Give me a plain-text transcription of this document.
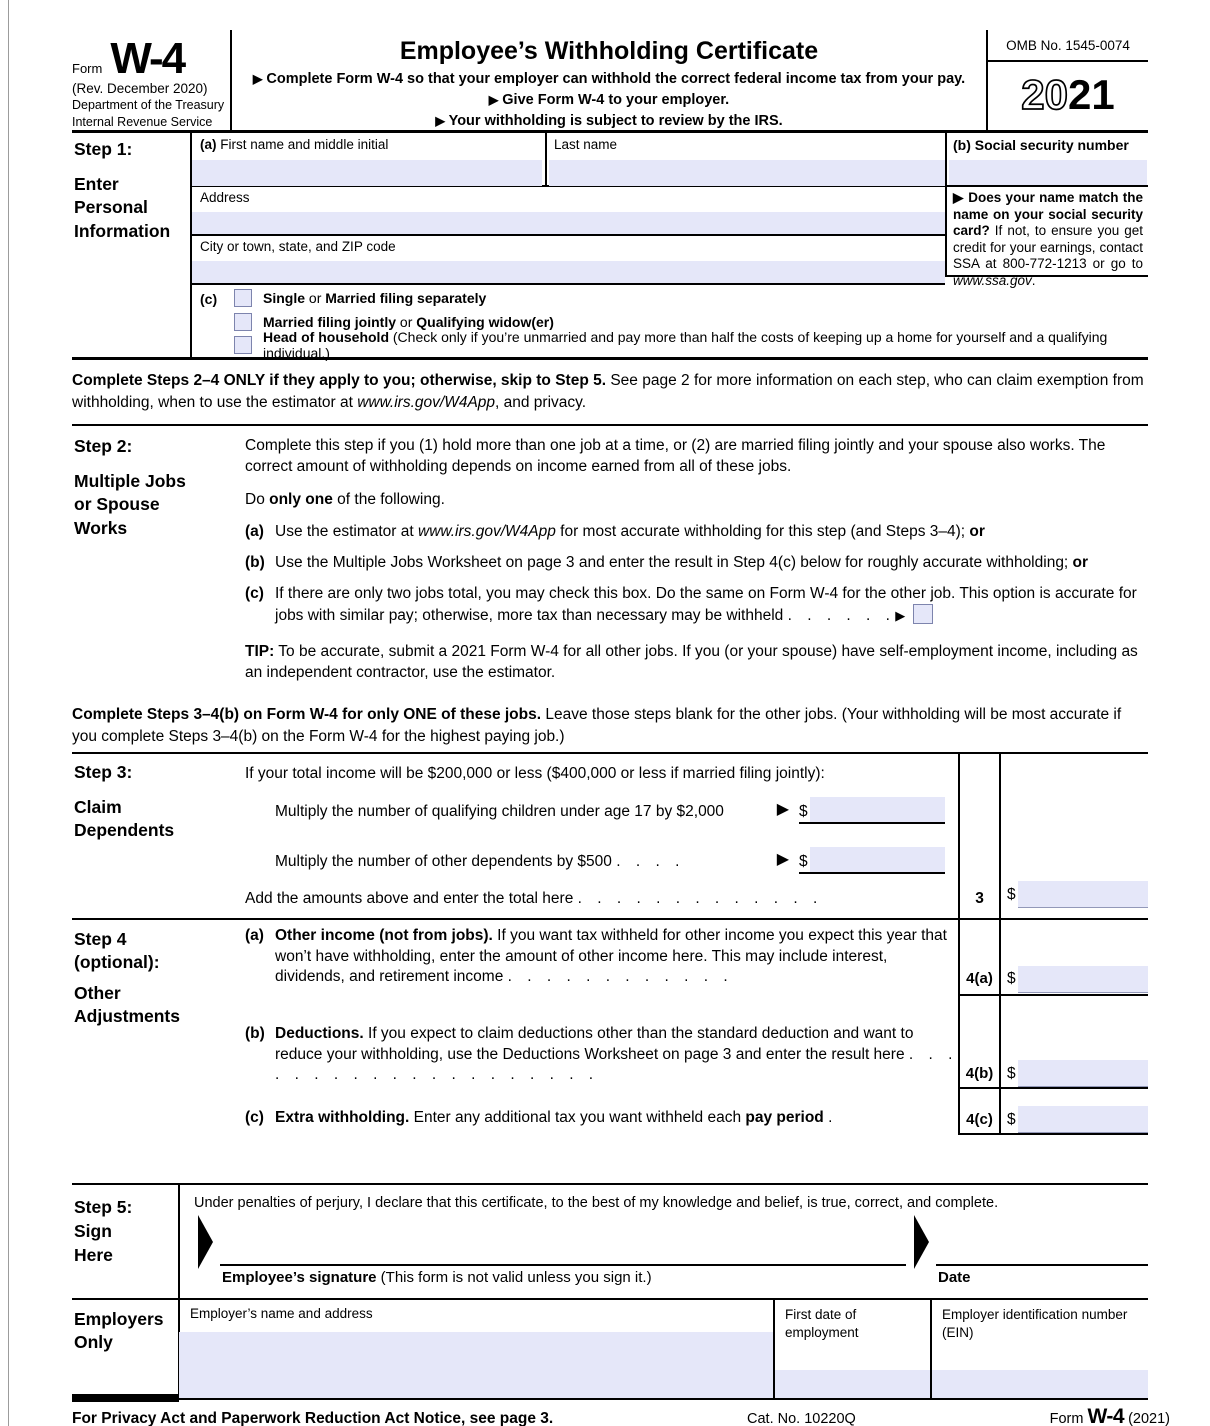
Form W-4
(Rev. December 2020)
Department of the Treasury
Internal Revenue Service
Employee’s Withholding Certificate
▶ Complete Form W-4 so that your employer can withhold the correct federal income tax from your pay.
▶ Give Form W-4 to your employer.
▶ Your withholding is subject to review by the IRS.
OMB No. 1545-0074
2021
Step 1:
Enter Personal Information
(a) First name and middle initial	Last name	(b) Social security number
Address	▶ Does your name match the name on your social security card? If not, to ensure you get credit for your earnings, contact SSA at 800-772-1213 or go to www.ssa.gov.
City or town, state, and ZIP code
(c)	Single or Married filing separately
Married filing jointly or Qualifying widow(er)
Head of household (Check only if you’re unmarried and pay more than half the costs of keeping up a home for yourself and a qualifying individual.)
Complete Steps 2–4 ONLY if they apply to you; otherwise, skip to Step 5. See page 2 for more information on each step, who can claim exemption from withholding, when to use the estimator at www.irs.gov/W4App, and privacy.
Step 2:
Multiple Jobs or Spouse Works
Complete this step if you (1) hold more than one job at a time, or (2) are married filing jointly and your spouse also works. The correct amount of withholding depends on income earned from all of these jobs.
Do only one of the following.
(a) Use the estimator at www.irs.gov/W4App for most accurate withholding for this step (and Steps 3–4); or
(b) Use the Multiple Jobs Worksheet on page 3 and enter the result in Step 4(c) below for roughly accurate withholding; or
(c) If there are only two jobs total, you may check this box. Do the same on Form W-4 for the other job. This option is accurate for jobs with similar pay; otherwise, more tax than necessary may be withheld . . . . . . ▶
TIP: To be accurate, submit a 2021 Form W-4 for all other jobs. If you (or your spouse) have self-employment income, including as an independent contractor, use the estimator.
Complete Steps 3–4(b) on Form W-4 for only ONE of these jobs. Leave those steps blank for the other jobs. (Your withholding will be most accurate if you complete Steps 3–4(b) on the Form W-4 for the highest paying job.)
Step 3:
Claim Dependents
If your total income will be $200,000 or less ($400,000 or less if married filing jointly):
Multiply the number of qualifying children under age 17 by $2,000	▶ $
Multiply the number of other dependents by $500 . . . .	▶ $
Add the amounts above and enter the total here . . . . . . . . . . . . .	3	$
Step 4 (optional):
Other Adjustments
(a) Other income (not from jobs). If you want tax withheld for other income you expect this year that won’t have withholding, enter the amount of other income here. This may include interest, dividends, and retirement income . . . . . . . . . . . .	4(a) $
(b) Deductions. If you expect to claim deductions other than the standard deduction and want to reduce your withholding, use the Deductions Worksheet on page 3 and enter the result here . . . . . . . . . . . . . . . . . . . .	4(b) $
(c) Extra withholding. Enter any additional tax you want withheld each pay period .	4(c) $
Step 5:
Sign
Here
Under penalties of perjury, I declare that this certificate, to the best of my knowledge and belief, is true, correct, and complete.
Employee’s signature (This form is not valid unless you sign it.)	Date
Employers Only
Employer’s name and address	First date of employment
Employer identification number (EIN)
For Privacy Act and Paperwork Reduction Act Notice, see page 3.	Cat. No. 10220Q	Form W-4 (2021)
